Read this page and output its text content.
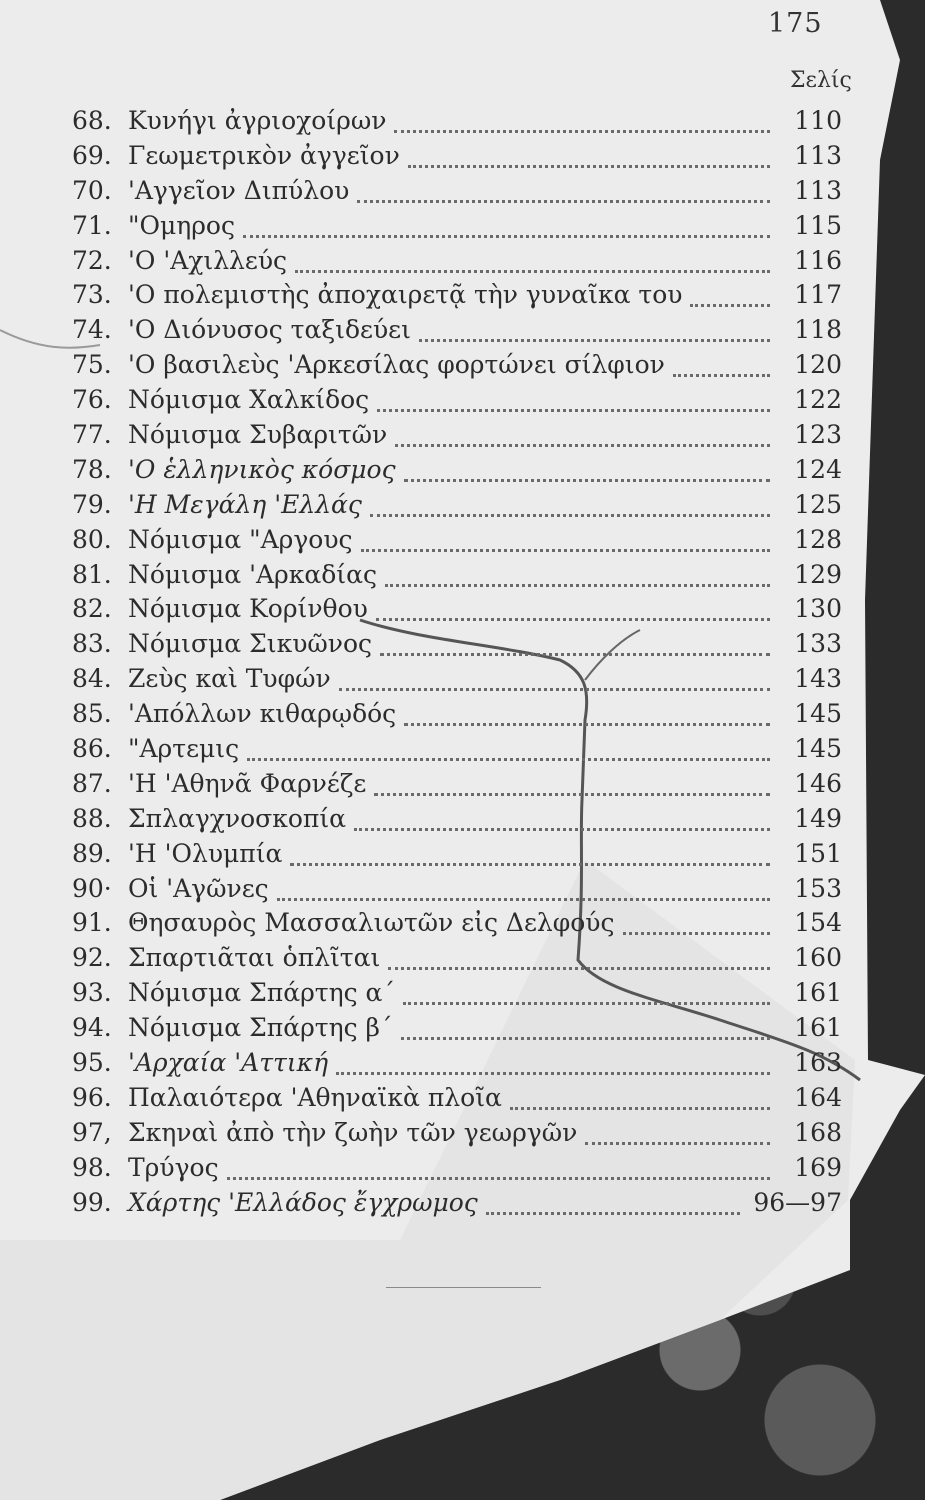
175
Σελίς
68. Κυνήγι ἀγριοχοίρων	110
69. Γεωμετρικὸν ἀγγεῖον	113
70. 'Αγγεῖον Διπύλου	113
71. "Ομηρος	115
72. 'Ο 'Αχιλλεύς	116
73. 'Ο πολεμιστὴς ἀποχαιρετᾷ τὴν γυναῖκα του	117
74. 'Ο Διόνυσος ταξιδεύει	118
75. 'Ο βασιλεὺς 'Αρκεσίλας φορτώνει σίλφιον	120
76. Νόμισμα Χαλκίδος	122
77. Νόμισμα Συβαριτῶν	123
78. 'Ο ἑλληνικὸς κόσμος	124
79. 'Η Μεγάλη 'Ελλάς	125
80. Νόμισμα "Αργους	128
81. Νόμισμα 'Αρκαδίας	129
82. Νόμισμα Κορίνθου	130
83. Νόμισμα Σικυῶνος	133
84. Ζεὺς καὶ Τυφών	143
85. 'Απόλλων κιθαρῳδός	145
86. "Αρτεμις	145
87. 'Η 'Αθηνᾶ Φαρνέζε	146
88. Σπλαγχνοσκοπία	149
89. 'Η 'Ολυμπία	151
90· Οἱ 'Αγῶνες	153
91. Θησαυρὸς Μασσαλιωτῶν εἰς Δελφούς	154
92. Σπαρτιᾶται ὁπλῖται	160
93. Νόμισμα Σπάρτης α΄	161
94. Νόμισμα Σπάρτης β΄	161
95. 'Αρχαία 'Αττική	163
96. Παλαιότερα 'Αθηναϊκὰ πλοῖα	164
97, Σκηναὶ ἀπὸ τὴν ζωὴν τῶν γεωργῶν	168
98. Τρύγος	169
99. Χάρτης 'Ελλάδος ἔγχρωμος	96—97
